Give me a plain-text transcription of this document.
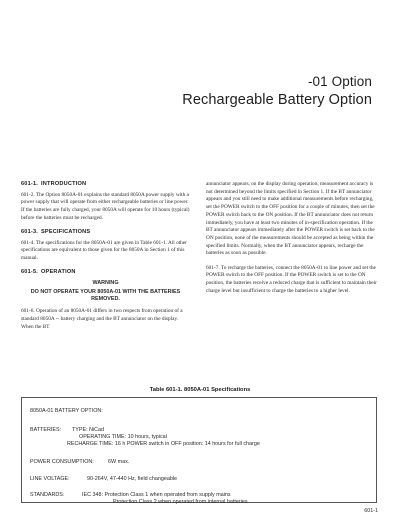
-01 Option
Rechargeable Battery Option
601-1. INTRODUCTION

601-2. The Option 8050A-01 explains the standard 8050A power supply with a power supply that will operate from either rechargeable batteries or line power. If the batteries are fully charged, your 8050A will operate for 10 hours (typical) before the batteries must be recharged.

601-3. SPECIFICATIONS

601-4. The specifications for the 8050A-01 are given in Table 601-1. All other specifications are equivalent to those given for the 8050A in Section 1 of this manual.

601-5. OPERATION
WARNING
DO NOT OPERATE YOUR 8050A-01 WITH THE BATTERIES REMOVED.

601-6. Operation of an 8050A-01 differs in two respects from operation of a standard 8050A -- battery charging and the BT annunciator on the display. When the BT

annunciator appears, on the display during operation, measurement accuracy is not determined beyond the limits specified in Section 1. If the BT annunciator appears and you still need to make additional measurements before recharging, set the POWER switch to the OFF position for a couple of minutes, then set the POWER switch back to the ON position. If the BT annunciator does not return immediately, you have at least two minutes of in-specification operation. If the BT annunciator appears immediately after the POWER switch is set back to the ON position, none of the measurements should be accepted as being within the specified limits. Normally, when the BT annunciator appears, recharge the batteries as soon as possible.

601-7. To recharge the batteries, connect the 8050A-01 to line power and set the POWER switch to the OFF position. If the POWER switch is set to the ON position, the batteries receive a reduced charge that is sufficient to maintain their charge level but insufficient to charge the batteries to a higher level.

Table 601-1. 8050A-01 Specifications
8050A-01 BATTERY OPTION:
BATTERIES: TYPE: NiCad
OPERATING TIME: 10 hours, typical
RECHARGE TIME: 16 h POWER switch in OFF position: 14 hours for full charge
POWER CONSUMPTION:	6W max.
LINE VOLTAGE:	90-264V, 47-440 Hz, field changeable
STANDARDS:	IEC 348: Protection Class 1 when operated from supply mains
Protection Class 2 when operated from internal batteries
601-1
